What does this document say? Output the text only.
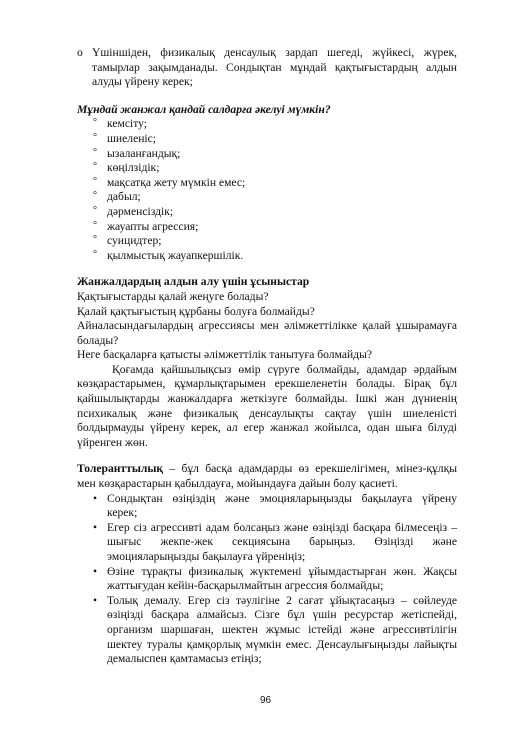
o Үшіншіден, физикалық денсаулық зардап шегеді, жүйкесі, жүрек,
тамырлар зақымданады. Сондықтан мұндай қақтығыстардың алдын
алуды үйрену керек;
Мұндай жанжал қандай салдарға әкелуі мүмкін?
° кемсіту;
° шиеленіс;
° ызаланғандық;
° көңілзідік;
° мақсатқа жету мүмкін емес;
° дабыл;
° дәрменсіздік;
° жауапты агрессия;
° суицидтер;
° қылмыстық жауапкершілік.
Жанжалдардың алдын алу үшін ұсыныстар

Қақтығыстарды қалай жеңуге болады?

Қалай қақтығыстың құрбаны болуға болмайды?

Айналасындағылардың агрессиясы мен әлімжеттілікке қалай ұшырамауға

болады?

Неге басқаларға қатысты әлімжеттілік танытуға болмайды?

Қоғамда қайшылықсыз өмір сүруге болмайды, адамдар әрдайым
көзқарастарымен, құмарлықтарымен ерекшеленетін болады. Бірақ бұл
қайшылықтарды жанжалдарға жеткізуге болмайды. Ішкі жан дүниенің
психикалық және физикалық денсаулықты сақтау үшін шиеленісті
болдырмауды үйрену керек, ал егер жанжал жойылса, одан шыға білуді
үйренген жөн.
Толеранттылық – бұл басқа адамдарды өз ерекшелігімен, мінез-құлқы
мен көзқарастарын қабылдауға, мойындауға дайын болу қасиеті.
• Сондықтан өзіңіздің және эмоцияларыңызды бақылауға үйрену
керек;
• Егер сіз агрессивті адам болсаңыз және өзіңізді басқара білмесеңіз –
шығыс жекпе-жек секциясына барыңыз. Өзіңізді және
эмоцияларыңызды бақылауға үйреніңіз;
• Өзіне тұрақты физикалық жүктемені ұйымдастырған жөн. Жақсы
жаттығудан кейін-басқарылмайтын агрессия болмайды;
• Толық демалу. Егер сіз тәулігіне 2 сағат ұйықтасаңыз – сөйлеуде
өзіңізді басқара алмайсыз. Сізге бұл үшін ресурстар жетіспейді,
организм шаршаған, шектен жұмыс істейді және агрессивтілігін
шектеу туралы қамқорлық мүмкін емес. Денсаулығыңызды лайықты
демалыспен қамтамасыз етіңіз;
96
